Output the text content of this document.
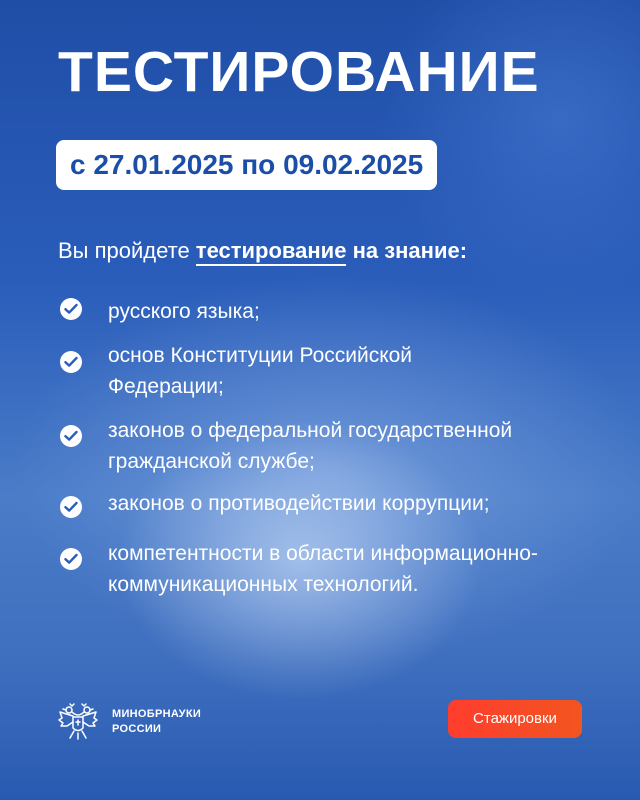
ТЕСТИРОВАНИЕ
с 27.01.2025 по 09.02.2025
Вы пройдете тестирование на знание:
русского языка;
основ Конституции Российской Федерации;
законов о федеральной государственной гражданской службе;
законов о противодействии коррупции;
компетентности в области информационно-коммуникационных технологий.
МИНОБРНАУКИ
РОССИИ
Стажировки
